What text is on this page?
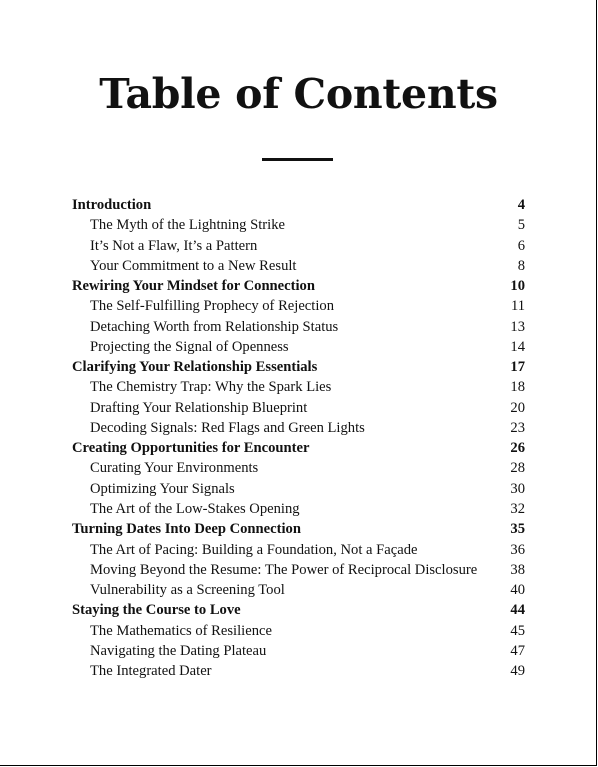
Table of Contents
Introduction	4
The Myth of the Lightning Strike	5
It’s Not a Flaw, It’s a Pattern	6
Your Commitment to a New Result	8
Rewiring Your Mindset for Connection	10
The Self-Fulfilling Prophecy of Rejection	11
Detaching Worth from Relationship Status	13
Projecting the Signal of Openness	14
Clarifying Your Relationship Essentials	17
The Chemistry Trap: Why the Spark Lies	18
Drafting Your Relationship Blueprint	20
Decoding Signals: Red Flags and Green Lights	23
Creating Opportunities for Encounter	26
Curating Your Environments	28
Optimizing Your Signals	30
The Art of the Low-Stakes Opening	32
Turning Dates Into Deep Connection	35
The Art of Pacing: Building a Foundation, Not a Façade	36
Moving Beyond the Resume: The Power of Reciprocal Disclosure 38
Vulnerability as a Screening Tool	40
Staying the Course to Love	44
The Mathematics of Resilience	45
Navigating the Dating Plateau	47
The Integrated Dater	49
